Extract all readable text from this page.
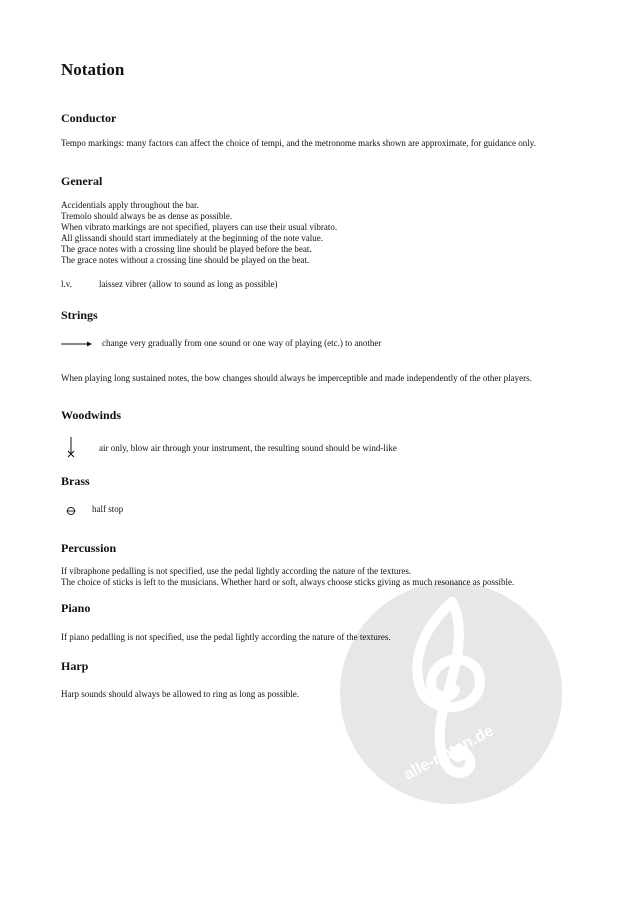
alle-noten.de
Notation
Conductor

Tempo markings: many factors can affect the choice of tempi, and the metronome marks shown are approximate, for guidance only.

General
Accidentials apply throughout the bar.
Tremolo should always be as dense as possible.
When vibrato markings are not specified, players can use their usual vibrato.
All glissandi should start immediately at the beginning of the note value.
The grace notes with a crossing line should be played before the beat.
The grace notes without a crossing line should be played on the beat.
l.v.	laissez vibrer (allow to sound as long as possible)
Strings
change very gradually from one sound or one way of playing (etc.) to another

When playing long sustained notes, the bow changes should always be imperceptible and made independently of the other players.

Woodwinds
air only, blow air through your instrument, the resulting sound should be wind-like
Brass
half stop
Percussion
If vibraphone pedalling is not specified, use the pedal lightly according the nature of the textures.
The choice of sticks is left to the musicians. Whether hard or soft, always choose sticks giving as much resonance as possible.
Piano

If piano pedalling is not specified, use the pedal lightly according the nature of the textures.

Harp

Harp sounds should always be allowed to ring as long as possible.
